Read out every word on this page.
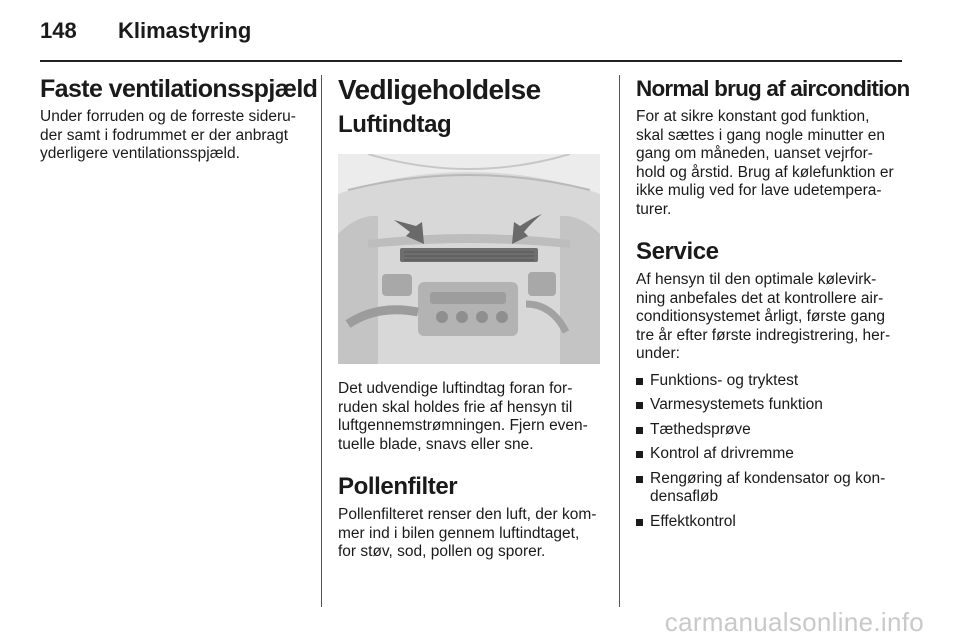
148 Klimastyring
Faste ventilationsspjæld

Under forruden og de forreste sideru-
der samt i fodrummet er der anbragt
yderligere ventilationsspjæld.

Vedligeholdelse
Luftindtag

Det udvendige luftindtag foran for-
ruden skal holdes frie af hensyn til
luftgennemstrømningen. Fjern even-
tuelle blade, snavs eller sne.

Pollenfilter

Pollenfilteret renser den luft, der kom-
mer ind i bilen gennem luftindtaget,
for støv, sod, pollen og sporer.

Normal brug af aircondition

For at sikre konstant god funktion,
skal sættes i gang nogle minutter en
gang om måneden, uanset vejrfor-
hold og årstid. Brug af kølefunktion er
ikke mulig ved for lave udetempera-
turer.

Service

Af hensyn til den optimale kølevirk-
ning anbefales det at kontrollere air-
conditionsystemet årligt, første gang
tre år efter første indregistrering, her-
under:

Funktions- og tryktest
Varmesystemets funktion
Tæthedsprøve
Kontrol af drivremme
Rengøring af kondensator og kon-
densafløb
Effektkontrol
carmanualsonline.info
